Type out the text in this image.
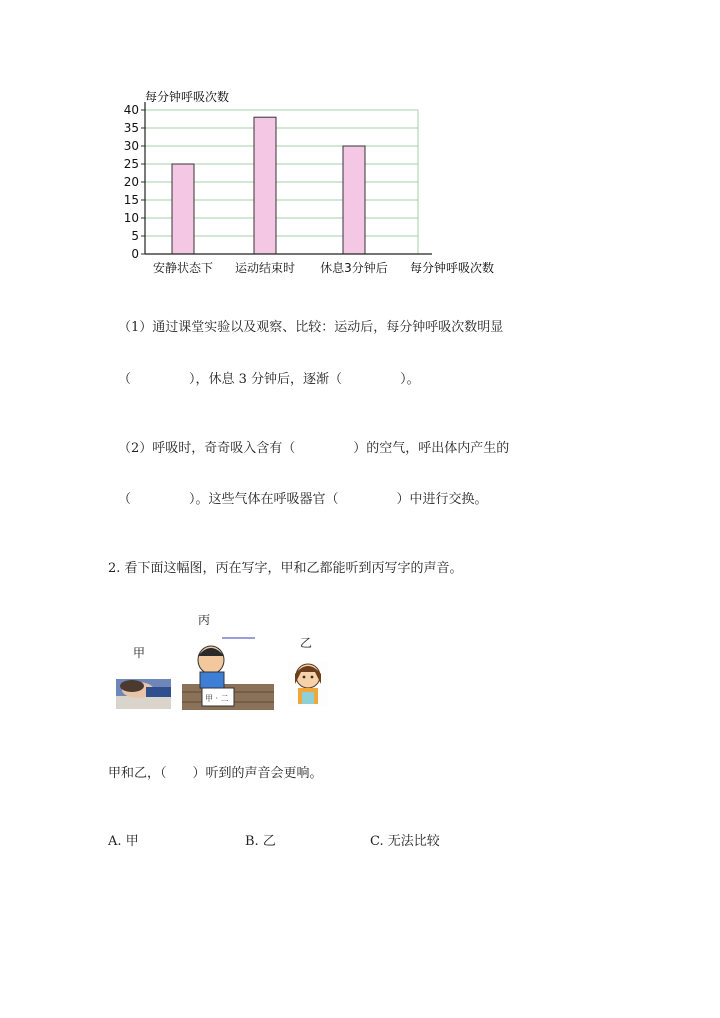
每分钟呼吸次数
每分钟呼吸次数
0
5
10
15
20
25
30
35
40
安静状态下 运动结束时 休息3分钟后
（1）通过课堂实验以及观察、比较：运动后，每分钟呼吸次数明显
（	），休息 3 分钟后，逐渐（	）。
（2）呼吸时，奇奇吸入含有（	）的空气，呼出体内产生的
（	）。这些气体在呼吸器官（	）中进行交换。
2. 看下面这幅图，丙在写字，甲和乙都能听到丙写字的声音。
甲
丙
乙
甲 · 二
甲和乙，（ ）听到的声音会更响。
A. 甲	B. 乙	C. 无法比较
